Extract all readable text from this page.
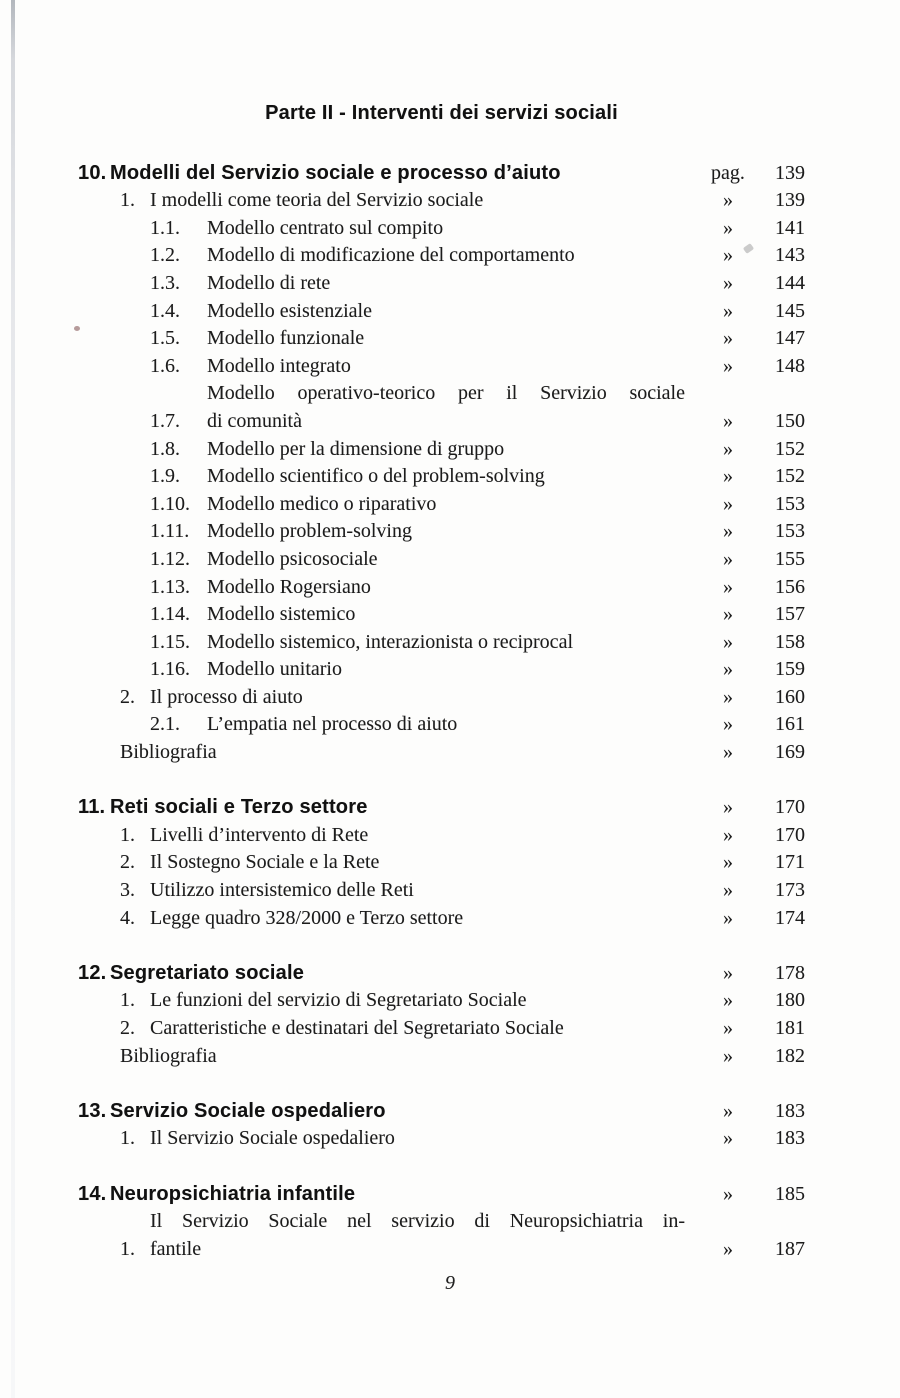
Parte II - Interventi dei servizi sociali
10. Modelli del Servizio sociale e processo d’aiuto	pag.	139
1. I modelli come teoria del Servizio sociale	»	139
1.1.	Modello centrato sul compito	»	141
1.2.	Modello di modificazione del comportamento	»	143
1.3.	Modello di rete	»	144
1.4.	Modello esistenziale	»	145
1.5.	Modello funzionale	»	147
1.6.	Modello integrato	»	148
1.7.
Modello operativo-teorico per il Servizio sociale
di comunità	»	150
1.8.	Modello per la dimensione di gruppo	»	152
1.9.	Modello scientifico o del problem-solving	»	152
1.10. Modello medico o riparativo	»	153
1.11. Modello problem-solving	»	153
1.12. Modello psicosociale	»	155
1.13. Modello Rogersiano	»	156
1.14. Modello sistemico	»	157
1.15. Modello sistemico, interazionista o reciprocal	»	158
1.16. Modello unitario	»	159
2. Il processo di aiuto	»	160
2.1.	L’empatia nel processo di aiuto	»	161
Bibliografia	»	169
11. Reti sociali e Terzo settore	»	170
1. Livelli d’intervento di Rete	»	170
2. Il Sostegno Sociale e la Rete	»	171
3. Utilizzo intersistemico delle Reti	»	173
4. Legge quadro 328/2000 e Terzo settore	»	174
12. Segretariato sociale	»	178
1. Le funzioni del servizio di Segretariato Sociale	»	180
2. Caratteristiche e destinatari del Segretariato Sociale	»	181
Bibliografia	»	182
13. Servizio Sociale ospedaliero	»	183
1. Il Servizio Sociale ospedaliero	»	183
14. Neuropsichiatria infantile	»	185
1.
Il Servizio Sociale nel servizio di Neuropsichiatria in-
fantile	»	187
9
